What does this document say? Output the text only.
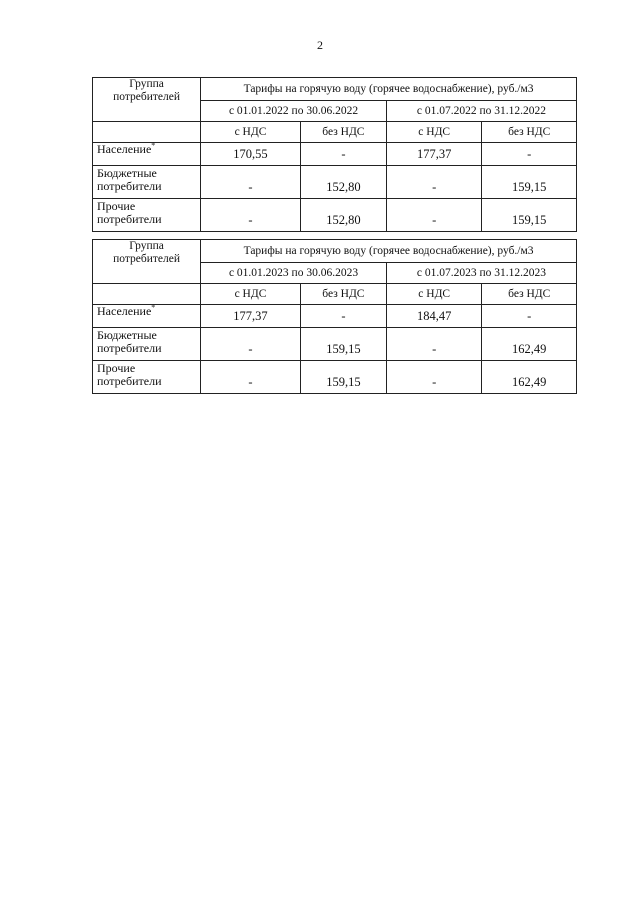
2
Группа
потребителей	Тарифы на горячую воду (горячее водоснабжение), руб./м3			
	с 01.01.2022 по 30.06.2022		с 01.07.2022 по 31.12.2022	
	с НДС	без НДС	с НДС	без НДС
Население*	170,55	-	177,37	-

Бюджетные
потребители	-	152,80	-	159,15

Прочие
потребители	-	152,80	-	159,15
Группа
потребителей	Тарифы на горячую воду (горячее водоснабжение), руб./м3			
	с 01.01.2023 по 30.06.2023		с 01.07.2023 по 31.12.2023	
	с НДС	без НДС	с НДС	без НДС
Население*	177,37	-	184,47	-

Бюджетные
потребители	-	159,15	-	162,49

Прочие
потребители	-	159,15	-	162,49
